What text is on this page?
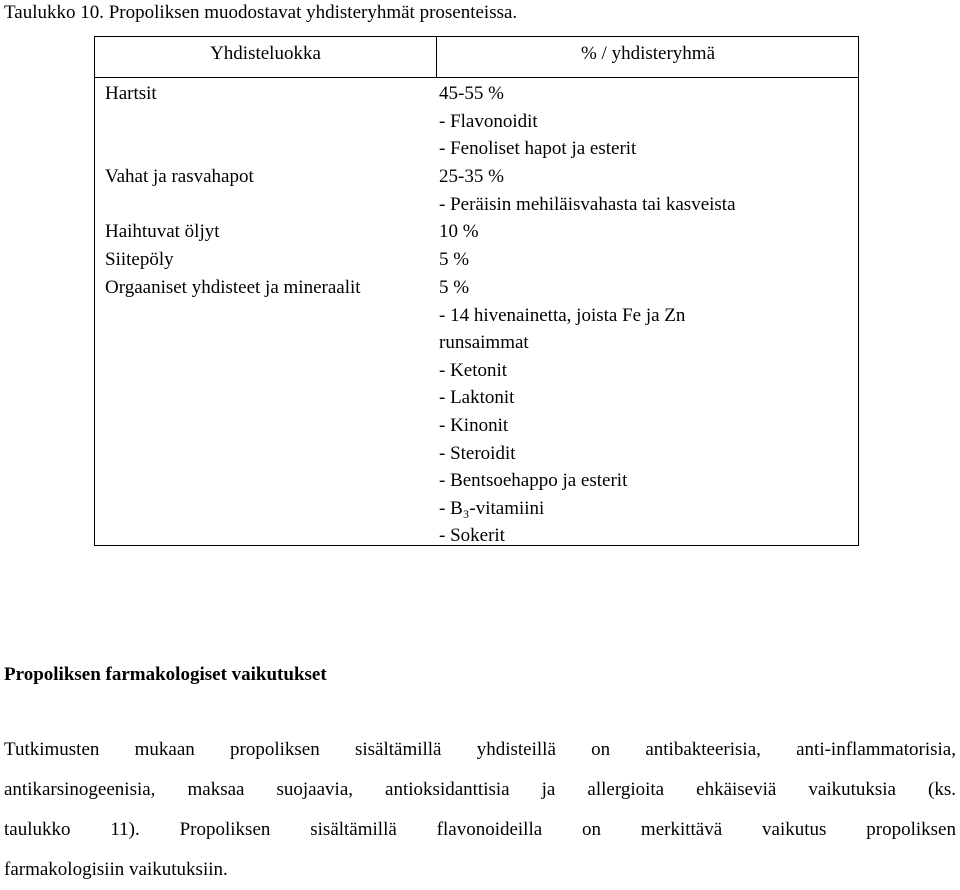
Taulukko 10. Propoliksen muodostavat yhdisteryhmät prosenteissa.
Yhdisteluokka	% / yhdisteryhmä
Hartsit	45-55 %
- Flavonoidit
- Fenoliset hapot ja esterit
Vahat ja rasvahapot	25-35 %
- Peräisin mehiläisvahasta tai kasveista
Haihtuvat öljyt	10 %
Siitepöly	5 %
Orgaaniset yhdisteet ja mineraalit	5 %
- 14 hivenainetta, joista Fe ja Zn
runsaimmat
- Ketonit
- Laktonit
- Kinonit
- Steroidit
- Bentsoehappo ja esterit
- B₃-vitamiini
- Sokerit
Propoliksen farmakologiset vaikutukset
Tutkimusten mukaan propoliksen sisältämillä yhdisteillä on antibakteerisia, anti-inflammatorisia,
antikarsinogeenisia, maksaa suojaavia, antioksidanttisia ja allergioita ehkäiseviä vaikutuksia (ks.
taulukko 11). Propoliksen sisältämillä flavonoideilla on merkittävä vaikutus propoliksen
farmakologisiin vaikutuksiin.
